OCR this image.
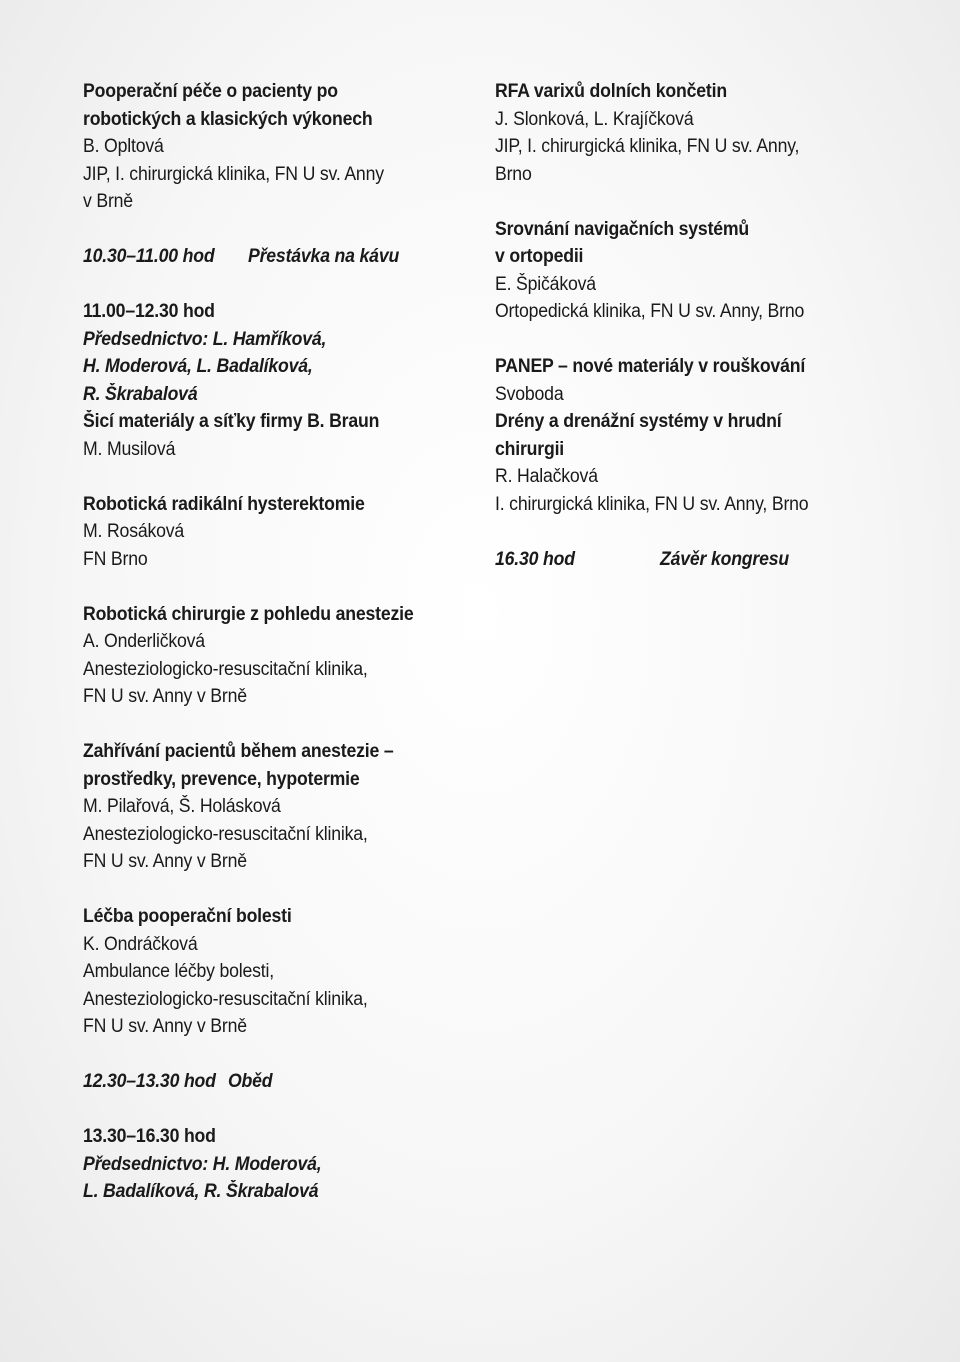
Pooperační péče o pacienty po
robotických a klasických výkonech
B. Opltová
JIP, I. chirurgická klinika, FN U sv. Anny
v Brně
10.30–11.00 hod Přestávka na kávu
11.00–12.30 hod
Předsednictvo: L. Hamříková,
H. Moderová, L. Badalíková,
R. Škrabalová
Šicí materiály a síťky firmy B. Braun
M. Musilová
Robotická radikální hysterektomie
M. Rosáková
FN Brno
Robotická chirurgie z pohledu anestezie
A. Onderličková
Anesteziologicko-resuscitační klinika,
FN U sv. Anny v Brně
Zahřívání pacientů během anestezie –
prostředky, prevence, hypotermie
M. Pilařová, Š. Holásková
Anesteziologicko-resuscitační klinika,
FN U sv. Anny v Brně
Léčba pooperační bolesti
K. Ondráčková
Ambulance léčby bolesti,
Anesteziologicko-resuscitační klinika,
FN U sv. Anny v Brně
12.30–13.30 hod Oběd
13.30–16.30 hod
Předsednictvo: H. Moderová,
L. Badalíková, R. Škrabalová
RFA varixů dolních končetin
J. Slonková, L. Krajíčková
JIP, I. chirurgická klinika, FN U sv. Anny,
Brno
Srovnání navigačních systémů
v ortopedii
E. Špičáková
Ortopedická klinika, FN U sv. Anny, Brno
PANEP – nové materiály v rouškování
Svoboda
Drény a drenážní systémy v hrudní
chirurgii
R. Halačková
I. chirurgická klinika, FN U sv. Anny, Brno
16.30 hod	Závěr kongresu
